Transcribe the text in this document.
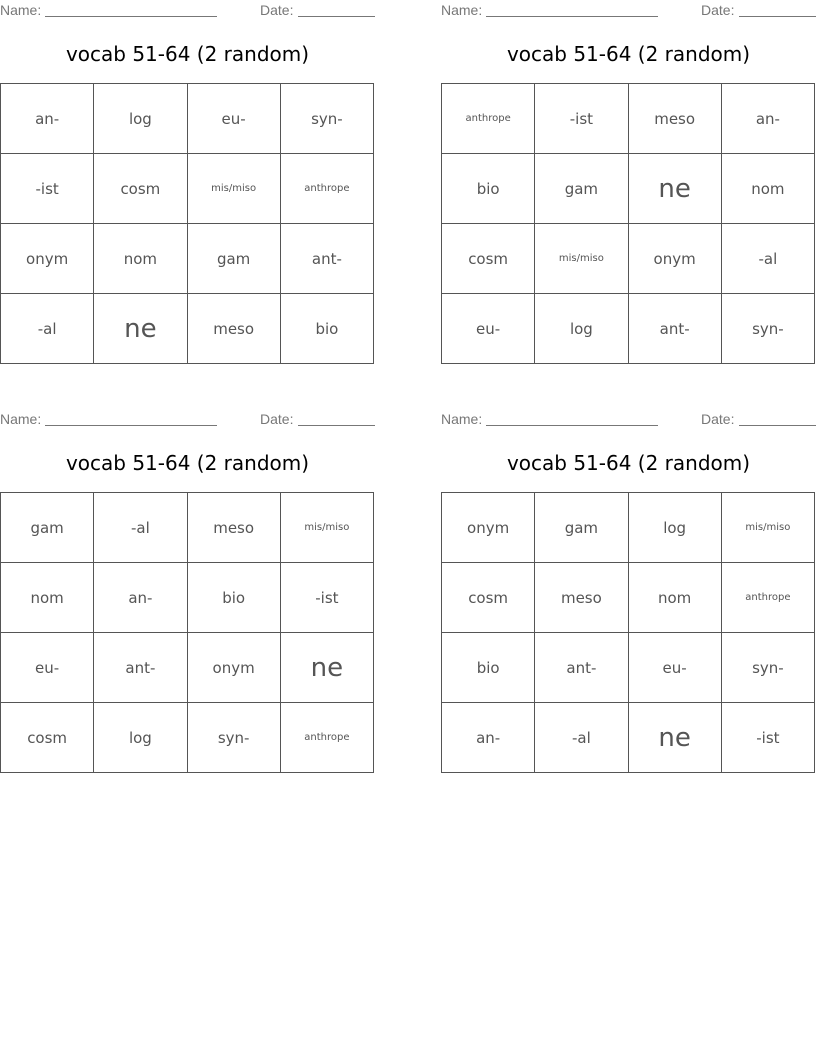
Name:	Date:
vocab 51-64 (2 random)
an-	log	eu-	syn-
-ist	cosm	mis/miso	anthrope
onym	nom	gam	ant-
-al	ne	meso	bio
Name:	Date:
vocab 51-64 (2 random)
anthrope	-ist	meso	an-
bio	gam	ne	nom
cosm	mis/miso	onym	-al
eu-	log	ant-	syn-
Name:	Date:
vocab 51-64 (2 random)
gam	-al	meso	mis/miso
nom	an-	bio	-ist
eu-	ant-	onym	ne
cosm	log	syn-	anthrope
Name:	Date:
vocab 51-64 (2 random)
onym	gam	log	mis/miso
cosm	meso	nom	anthrope
bio	ant-	eu-	syn-
an-	-al	ne	-ist
